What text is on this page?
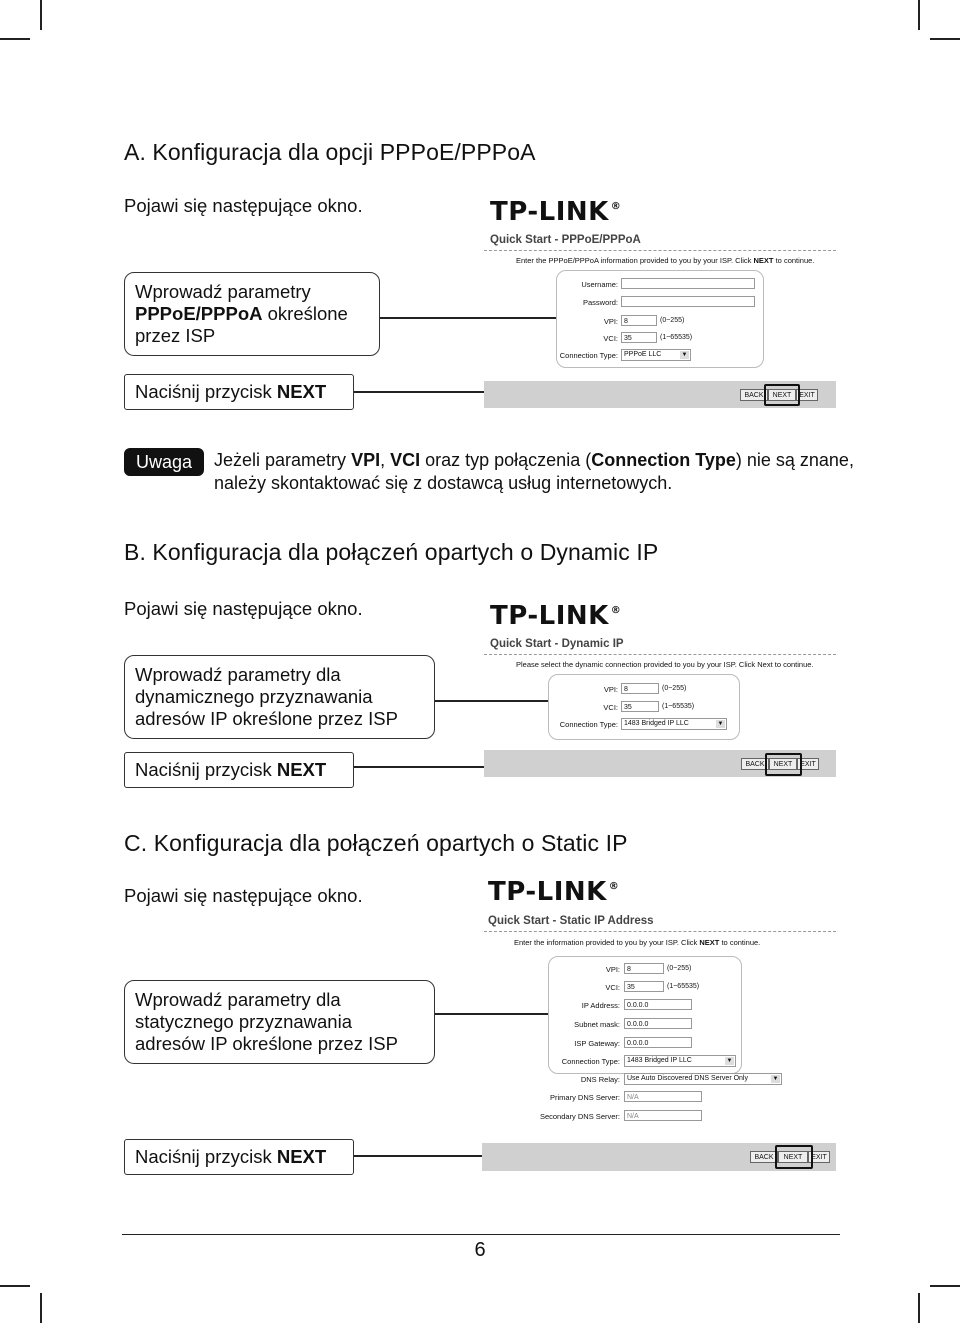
A. Konfiguracja dla opcji PPPoE/PPPoA
Pojawi się następujące okno.
Wprowadź parametry
PPPoE/PPPoA określone
przez ISP
TP-LINK ®
Quick Start - PPPoE/PPPoA
Enter the PPPoE/PPPoA information provided to you by your ISP. Click NEXT to continue.
Username:
Password:
VPI: 8	(0~255)
VCI: 35	(1~65535)
Connection Type: PPPoE LLC	▼
Naciśnij przycisk NEXT	BACK	NEXT	EXIT
Uwaga	Jeżeli parametry VPI, VCI oraz typ połączenia (Connection Type) nie są znane, należy skontaktować się z dostawcą usług internetowych.
B. Konfiguracja dla połączeń opartych o Dynamic IP
Pojawi się następujące okno.	TP-LINK ®
Quick Start - Dynamic IP
Please select the dynamic connection provided to you by your ISP. Click Next to continue.
Wprowadź parametry dla
dynamicznego przyznawania
adresów IP określone przez ISP
VPI: 8	(0~255)
VCI: 35	(1~65535)
Connection Type: 1483 Bridged IP LLC	▼
Naciśnij przycisk NEXT	BACK	NEXT	EXIT
C. Konfiguracja dla połączeń opartych o Static IP
Pojawi się następujące okno.	TP-LINK ®
Quick Start - Static IP Address
Enter the information provided to you by your ISP. Click NEXT to continue.
VPI:	8	(0~255)
VCI:	35	(1~65535)
IP Address:	0.0.0.0
Subnet mask:	0.0.0.0
ISP Gateway:	0.0.0.0
Connection Type:	1483 Bridged IP LLC	▼
DNS Relay:	Use Auto Discovered DNS Server Only	▼
Primary DNS Server:	N/A
Secondary DNS Server:	N/A
Wprowadź parametry dla
statycznego przyznawania
adresów IP określone przez ISP
Naciśnij przycisk NEXT	BACK	NEXT	EXIT
6
